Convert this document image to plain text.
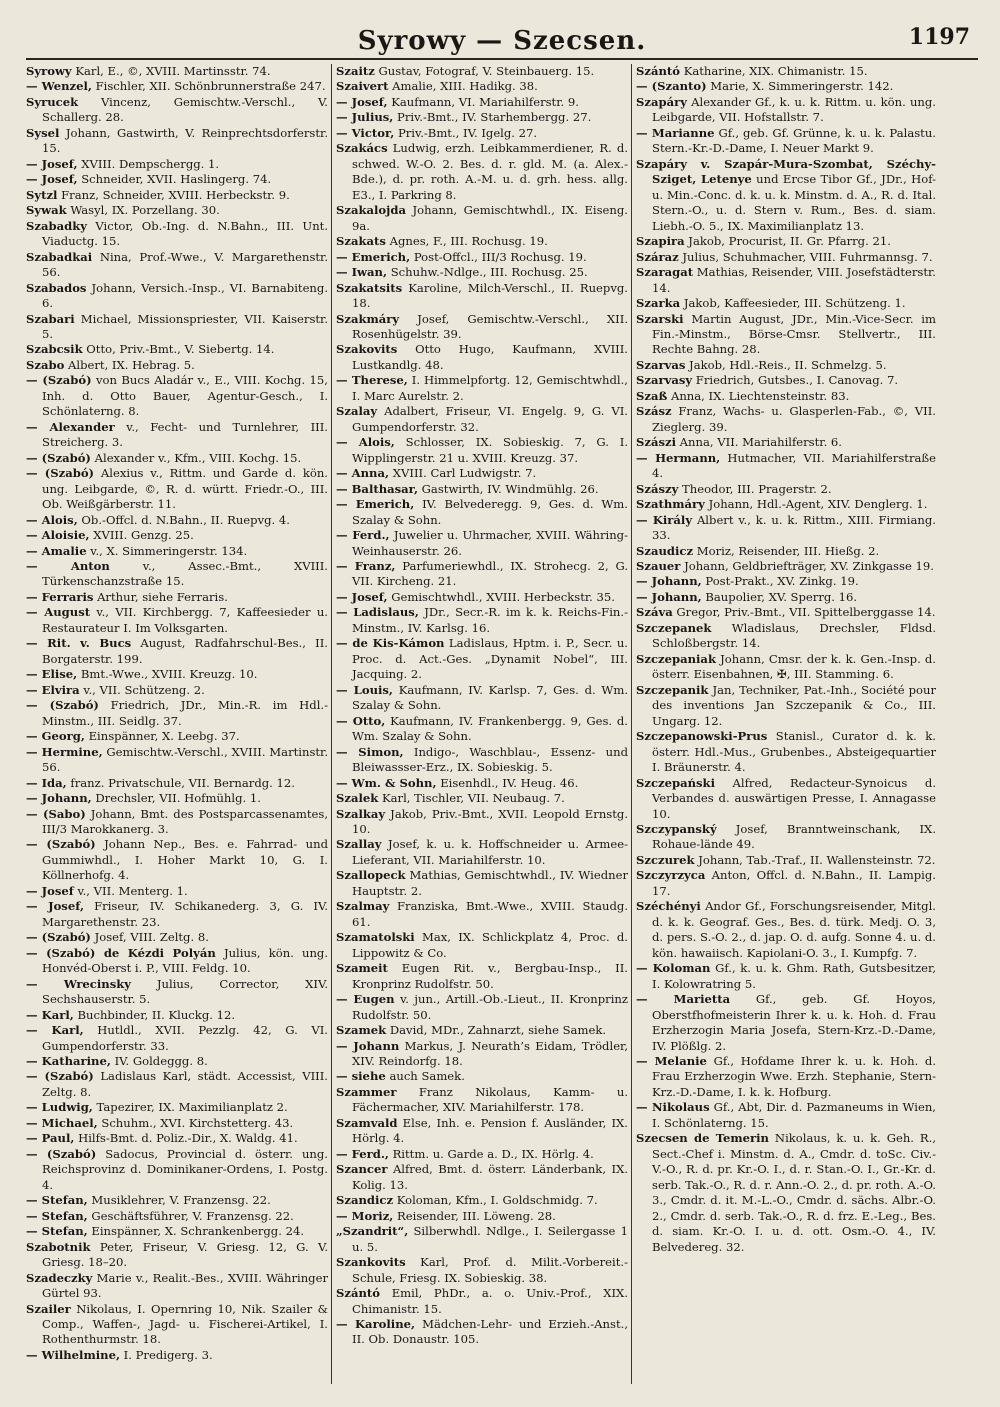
Syrowy — Szecsen.	1197

Syrowy Karl, E., ©, XVIII. Martinsstr. 74.

— Wenzel, Fischler, XII. Schönbrunnerstraße 247.

Syrucek Vincenz, Gemischtw.-Verschl., V. Schallerg. 28.

Sysel Johann, Gastwirth, V. Reinprechtsdorferstr. 15.

— Josef, XVIII. Dempschergg. 1.

— Josef, Schneider, XVII. Haslingerg. 74.

Sytzl Franz, Schneider, XVIII. Herbeckstr. 9.

Sywak Wasyl, IX. Porzellang. 30.

Szabadky Victor, Ob.-Ing. d. N.Bahn., III. Unt. Viaductg. 15.

Szabadkai Nina, Prof.-Wwe., V. Margarethenstr. 56.

Szabados Johann, Versich.-Insp., VI. Barnabiteng. 6.

Szabari Michael, Missionspriester, VII. Kaiserstr. 5.

Szabcsik Otto, Priv.-Bmt., V. Siebertg. 14.

Szabo Albert, IX. Hebrag. 5.

— (Szabó) von Bucs Aladár v., E., VIII. Kochg. 15, Inh. d. Otto Bauer, Agentur-Gesch., I. Schönlaterng. 8.

— Alexander v., Fecht- und Turnlehrer, III. Streicherg. 3.

— (Szabó) Alexander v., Kfm., VIII. Kochg. 15.

— (Szabó) Alexius v., Rittm. und Garde d. kön. ung. Leibgarde, ©, R. d. württ. Friedr.-O., III. Ob. Weißgärberstr. 11.

— Alois, Ob.-Offcl. d. N.Bahn., II. Ruepvg. 4.

— Aloisie, XVIII. Genzg. 25.

— Amalie v., X. Simmeringerstr. 134.

— Anton	v., Assec.-Bmt., XVIII. Türkenschanzstraße 15.

— Ferraris Arthur, siehe Ferraris.

— August v., VII. Kirchbergg. 7, Kaffeesieder u. Restaurateur I. Im Volksgarten.

— Rit. v. Bucs August, Radfahrschul-Bes., II. Borgaterstr. 199.

— Elise, Bmt.-Wwe., XVIII. Kreuzg. 10.

— Elvira v., VII. Schützeng. 2.

— (Szabó) Friedrich, JDr., Min.-R. im Hdl.-Minstm., III. Seidlg. 37.

— Georg, Einspänner, X. Leebg. 37.

— Hermine, Gemischtw.-Verschl., XVIII. Martinstr. 56.

— Ida, franz. Privatschule, VII. Bernardg. 12.

— Johann, Drechsler, VII. Hofmühlg. 1.

— (Sabo) Johann, Bmt. des Postsparcassenamtes, III/3 Marokkanerg. 3.

— (Szabó) Johann Nep., Bes. e. Fahrrad- und Gummiwhdl., I. Hoher Markt 10, G. I. Köllnerhofg. 4.

— Josef v., VII. Menterg. 1.

— Josef, Friseur, IV. Schikanederg. 3, G. IV. Margarethenstr. 23.

— (Szabó) Josef, VIII. Zeltg. 8.

— (Szabó) de Kézdi Polyán Julius, kön. ung. Honvéd-Oberst i. P., VIII. Feldg. 10.

— Wrecinsky Julius, Corrector, XIV. Sechshauserstr. 5.

— Karl, Buchbinder, II. Kluckg. 12.

— Karl, Hutldl., XVII. Pezzlg. 42, G. VI. Gumpendorferstr. 33.

— Katharine, IV. Goldeggg. 8.

— (Szabó) Ladislaus Karl, städt. Accessist, VIII. Zeltg. 8.

— Ludwig, Tapezirer, IX. Maximilianplatz 2.

— Michael, Schuhm., XVI. Kirchstetterg. 43.

— Paul, Hilfs-Bmt. d. Poliz.-Dir., X. Waldg. 41.

— (Szabó) Sadocus, Provincial d. österr. ung. Reichsprovinz d. Dominikaner-Ordens, I. Postg. 4.

— Stefan, Musiklehrer, V. Franzensg. 22.

— Stefan, Geschäftsführer, V. Franzensg. 22.

— Stefan, Einspänner, X. Schrankenbergg. 24.

Szabotnik Peter, Friseur, V. Griesg. 12, G. V. Griesg. 18–20.

Szadeczky Marie v., Realit.-Bes., XVIII. Währinger Gürtel 93.

Szailer Nikolaus, I. Opernring 10, Nik. Szailer & Comp., Waffen-, Jagd- u. Fischerei-Artikel, I. Rothenthurmstr. 18.

— Wilhelmine, I. Predigerg. 3.

Szaitz Gustav, Fotograf, V. Steinbauerg. 15.

Szaivert Amalie, XIII. Hadikg. 38.

— Josef, Kaufmann, VI. Mariahilferstr. 9.

— Julius, Priv.-Bmt., IV. Starhembergg. 27.

— Victor, Priv.-Bmt., IV. Igelg. 27.

Szakács Ludwig, erzh. Leibkammerdiener, R. d. schwed. W.-O. 2. Bes. d. r. gld. M. (a. Alex.-Bde.), d. pr. roth. A.-M. u. d. grh. hess. allg. E3., I. Parkring 8.

Szakalojda Johann, Gemischtwhdl., IX. Eiseng. 9a.

Szakats Agnes, F., III. Rochusg. 19.

— Emerich, Post-Offcl., III/3 Rochusg. 19.

— Iwan, Schuhw.-Ndlge., III. Rochusg. 25.

Szakatsits Karoline, Milch-Verschl., II. Ruepvg. 18.

Szakmáry Josef, Gemischtw.-Verschl., XII. Rosenhügelstr. 39.

Szakovits Otto Hugo, Kaufmann, XVIII. Lustkandlg. 48.

— Therese, I. Himmelpfortg. 12, Gemischtwhdl., I. Marc Aurelstr. 2.

Szalay Adalbert, Friseur, VI. Engelg. 9, G. VI. Gumpendorferstr. 32.

— Alois, Schlosser, IX. Sobieskig. 7, G. I. Wipplingerstr. 21 u. XVIII. Kreuzg. 37.

— Anna, XVIII. Carl Ludwigstr. 7.

— Balthasar, Gastwirth, IV. Windmühlg. 26.

— Emerich, IV. Belvederegg. 9, Ges. d. Wm. Szalay & Sohn.

— Ferd., Juwelier u. Uhrmacher, XVIII. Währing-Weinhauserstr. 26.

— Franz, Parfumeriewhdl., IX. Strohecg. 2, G. VII. Kircheng. 21.

— Josef, Gemischtwhdl., XVIII. Herbeckstr. 35.

— Ladislaus, JDr., Secr.-R. im k. k. Reichs-Fin.-Minstm., IV. Karlsg. 16.

— de Kis-Kámon Ladislaus, Hptm. i. P., Secr. u. Proc. d. Act.-Ges. „Dynamit Nobel“, III. Jacquing. 2.

— Louis, Kaufmann, IV. Karlsp. 7, Ges. d. Wm. Szalay & Sohn.

— Otto, Kaufmann, IV. Frankenbergg. 9, Ges. d. Wm. Szalay & Sohn.

— Simon, Indigo-, Waschblau-, Essenz- und Bleiwassser-Erz., IX. Sobieskig. 5.

— Wm. & Sohn, Eisenhdl., IV. Heug. 46.

Szalek Karl, Tischler, VII. Neubaug. 7.

Szalkay Jakob, Priv.-Bmt., XVII. Leopold Ernstg. 10.

Szallay Josef, k. u. k. Hoffschneider u. Armee-Lieferant, VII. Mariahilferstr. 10.

Szallopeck Mathias, Gemischtwhdl., IV. Wiedner Hauptstr. 2.

Szalmay Franziska, Bmt.-Wwe., XVIII. Staudg. 61.

Szamatolski Max, IX. Schlickplatz 4, Proc. d. Lippowitz & Co.

Szameit Eugen Rit. v., Bergbau-Insp., II. Kronprinz Rudolfstr. 50.

— Eugen v. jun., Artill.-Ob.-Lieut., II. Kronprinz Rudolfstr. 50.

Szamek David, MDr., Zahnarzt, siehe Samek.

— Johann Markus, J. Neurath’s Eidam, Trödler, XIV. Reindorfg. 18.

— siehe auch Samek.

Szammer Franz Nikolaus, Kamm- u. Fächermacher, XIV. Mariahilferstr. 178.

Szamvald Else, Inh. e. Pension f. Ausländer, IX. Hörlg. 4.

— Ferd., Rittm. u. Garde a. D., IX. Hörlg. 4.

Szancer Alfred, Bmt. d. österr. Länderbank, IX. Kolig. 13.

Szandicz Koloman, Kfm., I. Goldschmidg. 7.

— Moriz, Reisender, III. Löweng. 28.

„Szandrit“, Silberwhdl. Ndlge., I. Seilergasse 1 u. 5.

Szankovits Karl, Prof. d. Milit.-Vorbereit.-Schule, Friesg. IX. Sobieskig. 38.

Szántó Emil, PhDr., a. o. Univ.-Prof., XIX. Chimanistr. 15.

— Karoline, Mädchen-Lehr- und Erzieh.-Anst., II. Ob. Donaustr. 105.

Szántó Katharine, XIX. Chimanistr. 15.

— (Szanto) Marie, X. Simmeringerstr. 142.

Szapáry Alexander Gf., k. u. k. Rittm. u. kön. ung. Leibgarde, VII. Hofstallstr. 7.

— Marianne Gf., geb. Gf. Grünne, k. u. k. Palastu. Stern.-Kr.-D.-Dame, I. Neuer Markt 9.

Szapáry v. Szapár-Mura-Szombat, Széchy-Sziget, Letenye und Ercse Tibor Gf., JDr., Hof- u. Min.-Conc. d. k. u. k. Minstm. d. A., R. d. Ital. Stern.-O., u. d. Stern v. Rum., Bes. d. siam. Liebh.-O. 5., IX. Maximilianplatz 13.

Szapira Jakob, Procurist, II. Gr. Pfarrg. 21.

Száraz Julius, Schuhmacher, VIII. Fuhrmannsg. 7.

Szaragat Mathias, Reisender, VIII. Josefstädterstr. 14.

Szarka Jakob, Kaffeesieder, III. Schützeng. 1.

Szarski Martin August, JDr., Min.-Vice-Secr. im Fin.-Minstm., Börse-Cmsr. Stellvertr., III. Rechte Bahng. 28.

Szarvas Jakob, Hdl.-Reis., II. Schmelzg. 5.

Szarvasy Friedrich, Gutsbes., I. Canovag. 7.

Szaß Anna, IX. Liechtensteinstr. 83.

Szász Franz, Wachs- u. Glasperlen-Fab., ©, VII. Zieglerg. 39.

Szászi Anna, VII. Mariahilferstr. 6.

— Hermann, Hutmacher, VII. Mariahilferstraße 4.

Szászy Theodor, III. Pragerstr. 2.

Szathmáry Johann, Hdl.-Agent, XIV. Denglerg. 1.

— Király Albert v., k. u. k. Rittm., XIII. Firmiang. 33.

Szaudicz Moriz, Reisender, III. Hießg. 2.

Szauer Johann, Geldbriefträger, XV. Zinkgasse 19.

— Johann, Post-Prakt., XV. Zinkg. 19.

— Johann, Baupolier, XV. Sperrg. 16.

Száva Gregor, Priv.-Bmt., VII. Spittelberggasse 14.

Szczepanek Wladislaus, Drechsler, Fldsd. Schloßbergstr. 14.

Szczepaniak Johann, Cmsr. der k. k. Gen.-Insp. d. österr. Eisenbahnen, ✠, III. Stamming. 6.

Szczepanik Jan, Techniker, Pat.-Inh., Société pour des inventions Jan Szczepanik & Co., III. Ungarg. 12.

Szczepanowski-Prus Stanisl., Curator d. k. k. österr. Hdl.-Mus., Grubenbes., Absteigequartier I. Bräunerstr. 4.

Szczepański Alfred, Redacteur-Synoicus d. Verbandes d. auswärtigen Presse, I. Annagasse 10.

Szczypanský Josef, Branntweinschank, IX. Rohaue-lände 49.

Szczurek Johann, Tab.-Traf., II. Wallensteinstr. 72.

Szczyrzyca Anton, Offcl. d. N.Bahn., II. Lampig. 17.

Széchényi Andor Gf., Forschungsreisender, Mitgl. d. k. k. Geograf. Ges., Bes. d. türk. Medj. O. 3, d. pers. S.-O. 2., d. jap. O. d. aufg. Sonne 4. u. d. kön. hawaiisch. Kapiolani-O. 3., I. Kumpfg. 7.

— Koloman Gf., k. u. k. Ghm. Rath, Gutsbesitzer, I. Kolowratring 5.

— Marietta Gf., geb. Gf. Hoyos, Oberstfhofmeisterin Ihrer k. u. k. Hoh. d. Frau Erzherzogin Maria Josefa, Stern-Krz.-D.-Dame, IV. Plößlg. 2.

— Melanie Gf., Hofdame Ihrer k. u. k. Hoh. d. Frau Erzherzogin Wwe. Erzh. Stephanie, Stern-Krz.-D.-Dame, I. k. k. Hofburg.

— Nikolaus Gf., Abt, Dir. d. Pazmaneums in Wien, I. Schönlaterng. 15.

Szecsen de Temerin Nikolaus, k. u. k. Geh. R., Sect.-Chef i. Minstm. d. A., Cmdr. d. toSc. Civ.-V.-O., R. d. pr. Kr.-O. I., d. r. Stan.-O. I., Gr.-Kr. d. serb. Tak.-O., R. d. r. Ann.-O. 2., d. pr. roth. A.-O. 3., Cmdr. d. it. M.-L.-O., Cmdr. d. sächs. Albr.-O. 2., Cmdr. d. serb. Tak.-O., R. d. frz. E.-Leg., Bes. d. siam. Kr.-O. I. u. d. ott. Osm.-O. 4., IV. Belvedereg. 32.
